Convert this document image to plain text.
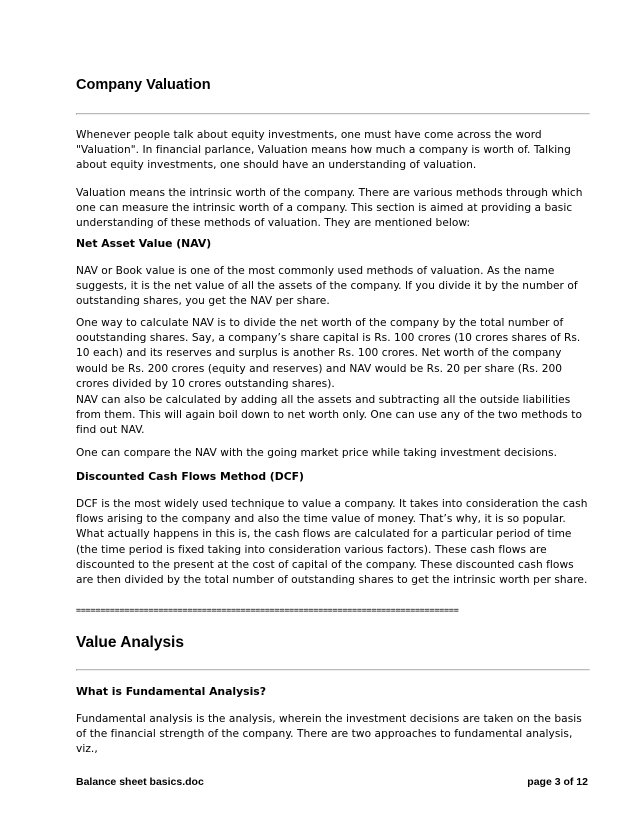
Company Valuation

Whenever people talk about equity investments, one must have come across the word "Valuation". In financial parlance, Valuation means how much a company is worth of. Talking about equity investments, one should have an understanding of valuation.

Valuation means the intrinsic worth of the company. There are various methods through which one can measure the intrinsic worth of a company. This section is aimed at providing a basic understanding of these methods of valuation. They are mentioned below:

Net Asset Value (NAV)

NAV or Book value is one of the most commonly used methods of valuation. As the name suggests, it is the net value of all the assets of the company. If you divide it by the number of outstanding shares, you get the NAV per share.

One way to calculate NAV is to divide the net worth of the company by the total number of ooutstanding shares. Say, a company’s share capital is Rs. 100 crores (10 crores shares of Rs. 10 each) and its reserves and surplus is another Rs. 100 crores. Net worth of the company would be Rs. 200 crores (equity and reserves) and NAV would be Rs. 20 per share (Rs. 200 crores divided by 10 crores outstanding shares).

NAV can also be calculated by adding all the assets and subtracting all the outside liabilities from them. This will again boil down to net worth only. One can use any of the two methods to find out NAV.

One can compare the NAV with the going market price while taking investment decisions.

Discounted Cash Flows Method (DCF)

DCF is the most widely used technique to value a company. It takes into consideration the cash flows arising to the company and also the time value of money. That’s why, it is so popular. What actually happens in this is, the cash flows are calculated for a particular period of time (the time period is fixed taking into consideration various factors). These cash flows are discounted to the present at the cost of capital of the company. These discounted cash flows are then divided by the total number of outstanding shares to get the intrinsic worth per share.

===============================================================================

Value Analysis
What is Fundamental Analysis?

Fundamental analysis is the analysis, wherein the investment decisions are taken on the basis of the financial strength of the company. There are two approaches to fundamental analysis, viz.,

Balance sheet basics.doc	page 3 of 12
